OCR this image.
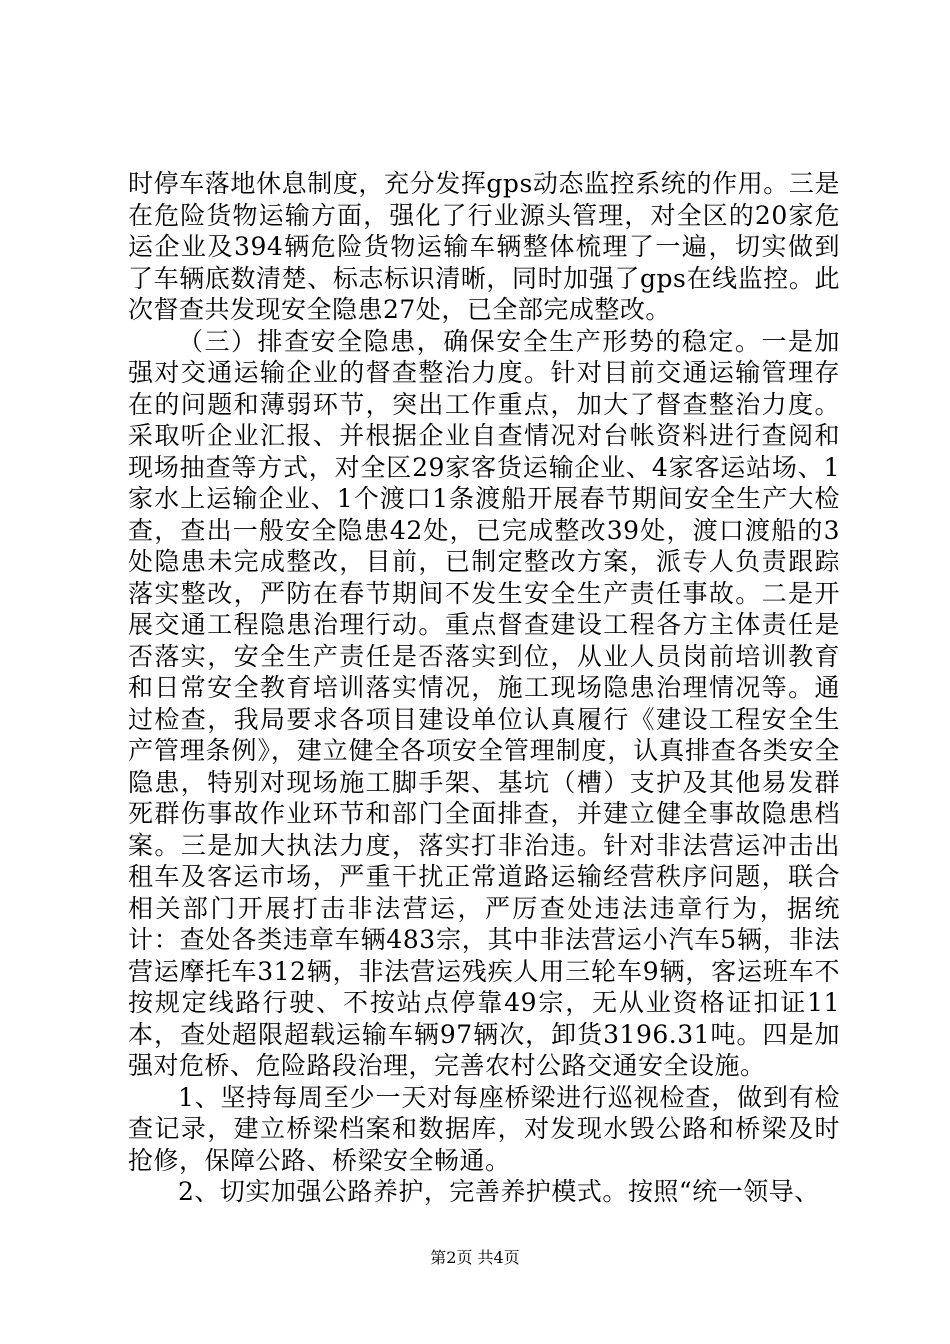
时停车落地休息制度，充分发挥gps动态监控系统的作用。三是在危险货物运输方面，强化了行业源头管理，对全区的20家危运企业及394辆危险货物运输车辆整体梳理了一遍，切实做到了车辆底数清楚、标志标识清晰，同时加强了gps在线监控。此次督查共发现安全隐患27处，已全部完成整改。

（三）排查安全隐患，确保安全生产形势的稳定。一是加强对交通运输企业的督查整治力度。针对目前交通运输管理存在的问题和薄弱环节，突出工作重点，加大了督查整治力度。采取听企业汇报、并根据企业自查情况对台帐资料进行查阅和现场抽查等方式，对全区29家客货运输企业、4家客运站场、1家水上运输企业、1个渡口1条渡船开展春节期间安全生产大检查，查出一般安全隐患42处，已完成整改39处，渡口渡船的3处隐患未完成整改，目前，已制定整改方案，派专人负责跟踪落实整改，严防在春节期间不发生安全生产责任事故。二是开展交通工程隐患治理行动。重点督查建设工程各方主体责任是否落实，安全生产责任是否落实到位，从业人员岗前培训教育和日常安全教育培训落实情况，施工现场隐患治理情况等。通过检查，我局要求各项目建设单位认真履行《建设工程安全生产管理条例》，建立健全各项安全管理制度，认真排查各类安全隐患，特别对现场施工脚手架、基坑（槽）支护及其他易发群死群伤事故作业环节和部门全面排查，并建立健全事故隐患档案。三是加大执法力度，落实打非治违。针对非法营运冲击出租车及客运市场，严重干扰正常道路运输经营秩序问题，联合相关部门开展打击非法营运，严厉查处违法违章行为，据统计：查处各类违章车辆483宗，其中非法营运小汽车5辆，非法营运摩托车312辆，非法营运残疾人用三轮车9辆，客运班车不按规定线路行驶、不按站点停靠49宗，无从业资格证扣证11本，查处超限超载运输车辆97辆次，卸货3196.31吨。四是加强对危桥、危险路段治理，完善农村公路交通安全设施。

1、坚持每周至少一天对每座桥梁进行巡视检查，做到有检查记录，建立桥梁档案和数据库，对发现水毁公路和桥梁及时抢修，保障公路、桥梁安全畅通。

2、切实加强公路养护，完善养护模式。按照“统一领导、

第2页 共4页
